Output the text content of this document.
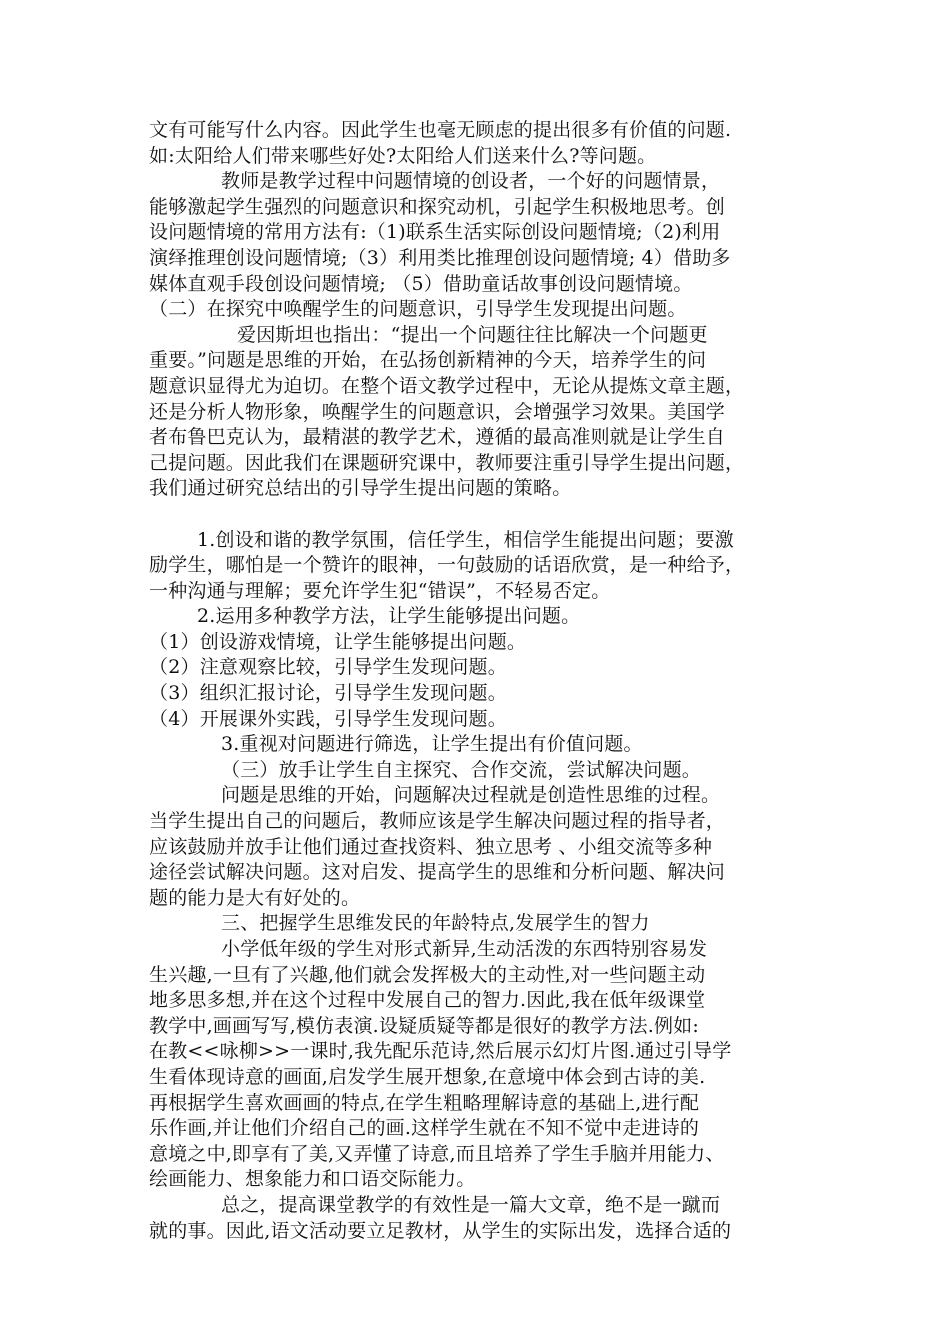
文有可能写什么内容。因此学生也毫无顾虑的提出很多有价值的问题.
如:太阳给人们带来哪些好处?太阳给人们送来什么?等问题。
教师是教学过程中问题情境的创设者，一个好的问题情景，
能够激起学生强烈的问题意识和探究动机，引起学生积极地思考。创
设问题情境的常用方法有:（1)联系生活实际创设问题情境;（2)利用
演绎推理创设问题情境;（3）利用类比推理创设问题情境; 4）借助多
媒体直观手段创设问题情境; （5）借助童话故事创设问题情境。
（二）在探究中唤醒学生的问题意识，引导学生发现提出问题。
爱因斯坦也指出：“提出一个问题往往比解决一个问题更
重要。”问题是思维的开始，在弘扬创新精神的今天，培养学生的问
题意识显得尤为迫切。在整个语文教学过程中，无论从提炼文章主题，
还是分析人物形象，唤醒学生的问题意识，会增强学习效果。美国学
者布鲁巴克认为，最精湛的教学艺术，遵循的最高准则就是让学生自
己提问题。因此我们在课题研究课中，教师要注重引导学生提出问题，
我们通过研究总结出的引导学生提出问题的策略。
1.创设和谐的教学氛围，信任学生，相信学生能提出问题；要激
励学生，哪怕是一个赞许的眼神，一句鼓励的话语欣赏，是一种给予，
一种沟通与理解；要允许学生犯“错误”，不轻易否定。
2.运用多种教学方法，让学生能够提出问题。
（1）创设游戏情境，让学生能够提出问题。
（2）注意观察比较，引导学生发现问题。
（3）组织汇报讨论，引导学生发现问题。
（4）开展课外实践，引导学生发现问题。
3.重视对问题进行筛选，让学生提出有价值问题。
（三）放手让学生自主探究、合作交流，尝试解决问题。
问题是思维的开始，问题解决过程就是创造性思维的过程。
当学生提出自己的问题后，教师应该是学生解决问题过程的指导者，
应该鼓励并放手让他们通过查找资料、独立思考 、小组交流等多种
途径尝试解决问题。这对启发、提高学生的思维和分析问题、解决问
题的能力是大有好处的。
三、把握学生思维发民的年龄特点,发展学生的智力
小学低年级的学生对形式新异,生动活泼的东西特别容易发
生兴趣,一旦有了兴趣,他们就会发挥极大的主动性,对一些问题主动
地多思多想,并在这个过程中发展自己的智力.因此,我在低年级课堂
教学中,画画写写,模仿表演.设疑质疑等都是很好的教学方法.例如:
在教<<咏柳>>一课时,我先配乐范诗,然后展示幻灯片图.通过引导学
生看体现诗意的画面,启发学生展开想象,在意境中体会到古诗的美.
再根据学生喜欢画画的特点,在学生粗略理解诗意的基础上,进行配
乐作画,并让他们介绍自己的画.这样学生就在不知不觉中走进诗的
意境之中,即享有了美,又弄懂了诗意,而且培养了学生手脑并用能力、
绘画能力、想象能力和口语交际能力。
总之，提高课堂教学的有效性是一篇大文章，绝不是一蹴而
就的事。因此,语文活动要立足教材，从学生的实际出发，选择合适的
